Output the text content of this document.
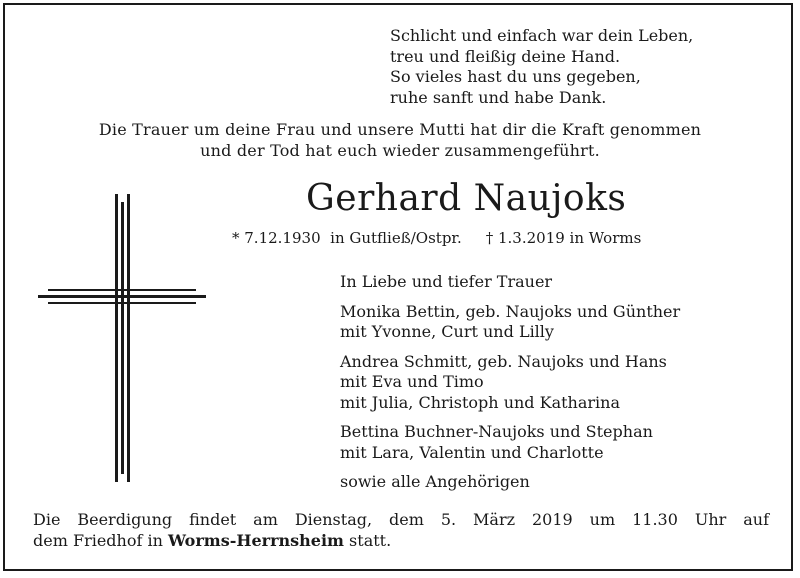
Schlicht und einfach war dein Leben,
treu und fleißig deine Hand.
So vieles hast du uns gegeben,
ruhe sanft und habe Dank.
Die Trauer um deine Frau und unsere Mutti hat dir die Kraft genommen
und der Tod hat euch wieder zusammengeführt.
Gerhard Naujoks
* 7.12.1930  in Gutfließ/Ostpr. † 1.3.2019 in Worms
In Liebe und tiefer Trauer
Monika Bettin, geb. Naujoks und Günther
mit Yvonne, Curt und Lilly
Andrea Schmitt, geb. Naujoks und Hans
mit Eva und Timo
mit Julia, Christoph und Katharina
Bettina Buchner-Naujoks und Stephan
mit Lara, Valentin und Charlotte
sowie alle Angehörigen
Die Beerdigung findet am Dienstag, dem 5. März 2019 um 11.30 Uhr auf
dem Friedhof in Worms-Herrnsheim statt.
